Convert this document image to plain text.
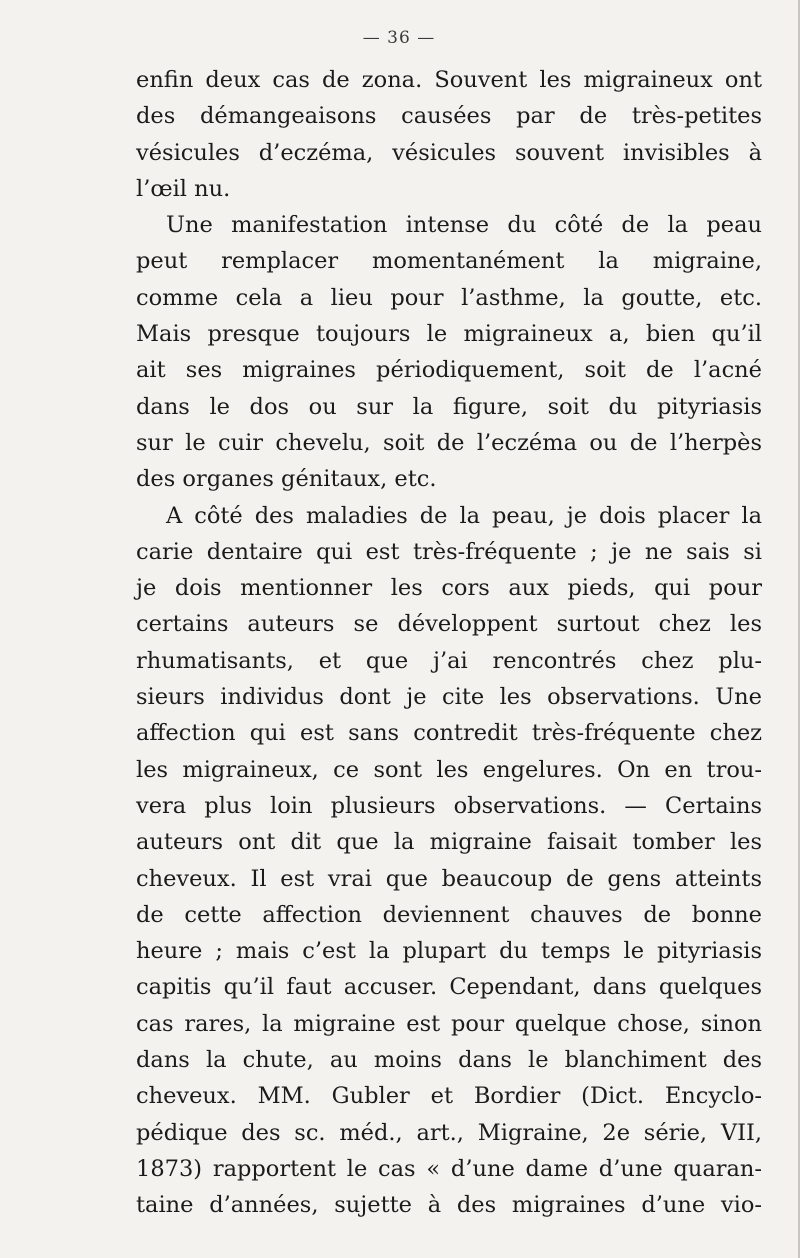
— 36 —
enfin deux cas de zona. Souvent les migraineux ont
des démangeaisons causées par de très-petites
vésicules d’eczéma, vésicules souvent invisibles à
l’œil nu.
Une manifestation intense du côté de la peau
peut remplacer momentanément la migraine,
comme cela a lieu pour l’asthme, la goutte, etc.
Mais presque toujours le migraineux a, bien qu’il
ait ses migraines périodiquement, soit de l’acné
dans le dos ou sur la figure, soit du pityriasis
sur le cuir chevelu, soit de l’eczéma ou de l’herpès
des organes génitaux, etc.
A côté des maladies de la peau, je dois placer la
carie dentaire qui est très-fréquente ; je ne sais si
je dois mentionner les cors aux pieds, qui pour
certains auteurs se développent surtout chez les
rhumatisants, et que j’ai rencontrés chez plu-
sieurs individus dont je cite les observations. Une
affection qui est sans contredit très-fréquente chez
les migraineux, ce sont les engelures. On en trou-
vera plus loin plusieurs observations. — Certains
auteurs ont dit que la migraine faisait tomber les
cheveux. Il est vrai que beaucoup de gens atteints
de cette affection deviennent chauves de bonne
heure ; mais c’est la plupart du temps le pityriasis
capitis qu’il faut accuser. Cependant, dans quelques
cas rares, la migraine est pour quelque chose, sinon
dans la chute, au moins dans le blanchiment des
cheveux. MM. Gubler et Bordier (Dict. Encyclo-
pédique des sc. méd., art., Migraine, 2e série, VII,
1873) rapportent le cas « d’une dame d’une quaran-
taine d’années, sujette à des migraines d’une vio-
